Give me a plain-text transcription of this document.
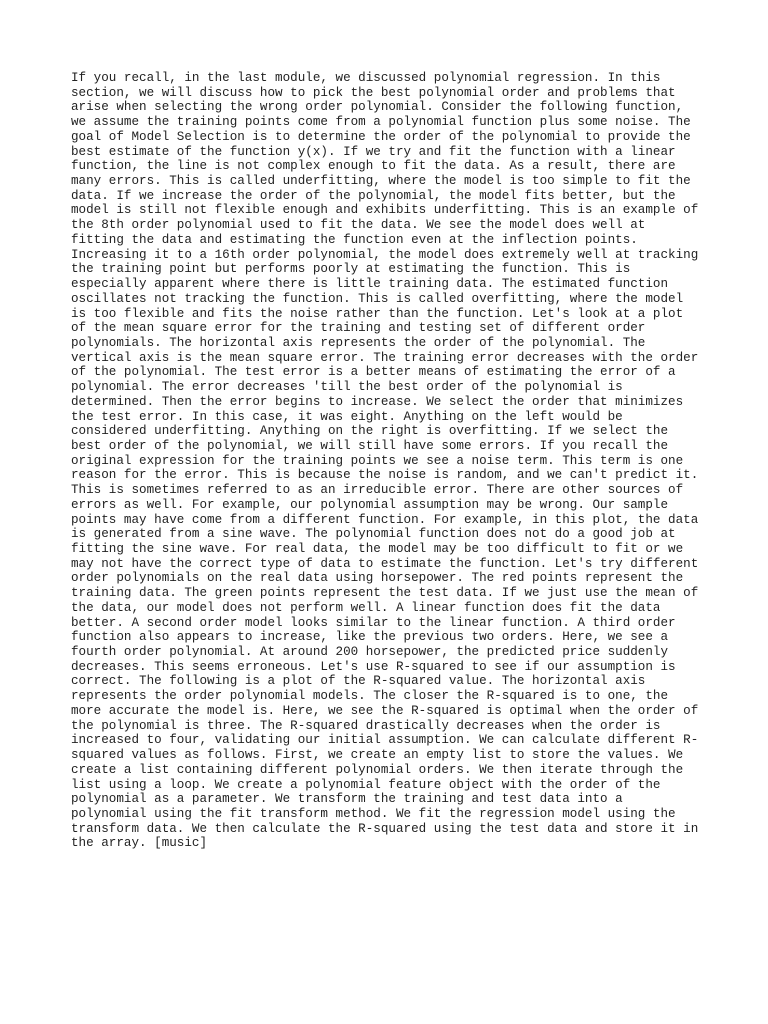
If you recall, in the last module, we discussed polynomial regression. In this
section, we will discuss how to pick the best polynomial order and problems that
arise when selecting the wrong order polynomial. Consider the following function,
we assume the training points come from a polynomial function plus some noise. The
goal of Model Selection is to determine the order of the polynomial to provide the
best estimate of the function y(x). If we try and fit the function with a linear
function, the line is not complex enough to fit the data. As a result, there are
many errors. This is called underfitting, where the model is too simple to fit the
data. If we increase the order of the polynomial, the model fits better, but the
model is still not flexible enough and exhibits underfitting. This is an example of
the 8th order polynomial used to fit the data. We see the model does well at
fitting the data and estimating the function even at the inflection points.
Increasing it to a 16th order polynomial, the model does extremely well at tracking
the training point but performs poorly at estimating the function. This is
especially apparent where there is little training data. The estimated function
oscillates not tracking the function. This is called overfitting, where the model
is too flexible and fits the noise rather than the function. Let's look at a plot
of the mean square error for the training and testing set of different order
polynomials. The horizontal axis represents the order of the polynomial. The
vertical axis is the mean square error. The training error decreases with the order
of the polynomial. The test error is a better means of estimating the error of a
polynomial. The error decreases 'till the best order of the polynomial is
determined. Then the error begins to increase. We select the order that minimizes
the test error. In this case, it was eight. Anything on the left would be
considered underfitting. Anything on the right is overfitting. If we select the
best order of the polynomial, we will still have some errors. If you recall the
original expression for the training points we see a noise term. This term is one
reason for the error. This is because the noise is random, and we can't predict it.
This is sometimes referred to as an irreducible error. There are other sources of
errors as well. For example, our polynomial assumption may be wrong. Our sample
points may have come from a different function. For example, in this plot, the data
is generated from a sine wave. The polynomial function does not do a good job at
fitting the sine wave. For real data, the model may be too difficult to fit or we
may not have the correct type of data to estimate the function. Let's try different
order polynomials on the real data using horsepower. The red points represent the
training data. The green points represent the test data. If we just use the mean of
the data, our model does not perform well. A linear function does fit the data
better. A second order model looks similar to the linear function. A third order
function also appears to increase, like the previous two orders. Here, we see a
fourth order polynomial. At around 200 horsepower, the predicted price suddenly
decreases. This seems erroneous. Let's use R-squared to see if our assumption is
correct. The following is a plot of the R-squared value. The horizontal axis
represents the order polynomial models. The closer the R-squared is to one, the
more accurate the model is. Here, we see the R-squared is optimal when the order of
the polynomial is three. The R-squared drastically decreases when the order is
increased to four, validating our initial assumption. We can calculate different R-
squared values as follows. First, we create an empty list to store the values. We
create a list containing different polynomial orders. We then iterate through the
list using a loop. We create a polynomial feature object with the order of the
polynomial as a parameter. We transform the training and test data into a
polynomial using the fit transform method. We fit the regression model using the
transform data. We then calculate the R-squared using the test data and store it in
the array. [music]
